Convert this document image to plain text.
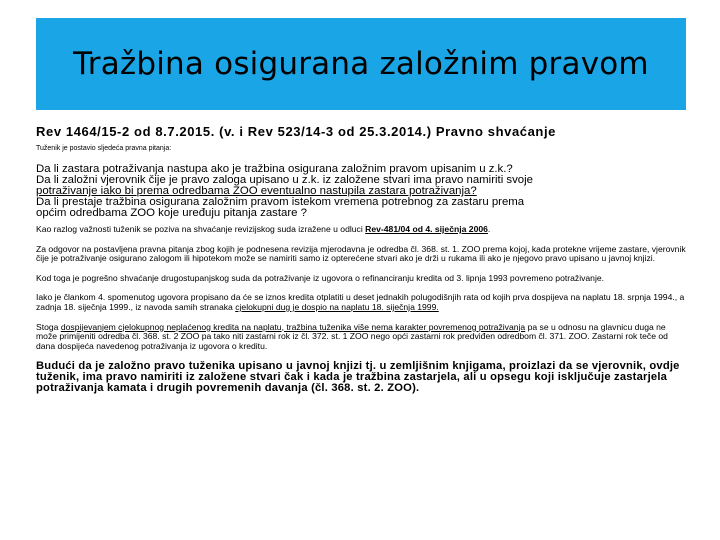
Tražbina osigurana založnim pravom
Rev 1464/15-2 od 8.7.2015. (v. i Rev 523/14-3 od 25.3.2014.) Pravno shvaćanje
Tuženik je postavio sljedeća pravna pitanja:
Da li zastara potraživanja nastupa ako je tražbina osigurana založnim pravom upisanim u z.k.?
Da li založni vjerovnik čije je pravo zaloga upisano u z.k. iz založene stvari ima pravo namiriti svoje
potraživanje iako bi prema odredbama ZOO eventualno nastupila zastara potraživanja?
Da li prestaje tražbina osigurana založnim pravom istekom vremena potrebnog za zastaru prema
općim odredbama ZOO koje uređuju pitanja zastare ?
Kao razlog važnosti tuženik se poziva na shvaćanje revizijskog suda izražene u odluci Rev-481/04 od 4. siječnja 2006.
Za odgovor na postavljena pravna pitanja zbog kojih je podnesena revizija mjerodavna je odredba čl. 368. st. 1. ZOO prema kojoj, kada protekne vrijeme zastare, vjerovnik čije je potraživanje osigurano zalogom ili hipotekom može se namiriti samo iz opterećene stvari ako je drži u rukama ili ako je njegovo pravo upisano u javnoj knjizi.
Kod toga je pogrešno shvaćanje drugostupanjskog suda da potraživanje iz ugovora o refinanciranju kredita od 3. lipnja 1993 povremeno potraživanje.
Iako je člankom 4. spomenutog ugovora propisano da će se iznos kredita otplatiti u deset jednakih polugodišnjih rata od kojih prva dospijeva na naplatu 18. srpnja 1994., a zadnja 18. siječnja 1999., iz navoda samih stranaka cjelokupni dug je dospio na naplatu 18. siječnja 1999.
Stoga dospijevanjem cjelokupnog neplaćenog kredita na naplatu, tražbina tuženika više nema karakter povremenog potraživanja pa se u odnosu na glavnicu duga ne može primijeniti odredba čl. 368. st. 2 ZOO pa tako niti zastarni rok iz čl. 372. st. 1 ZOO nego opći zastarni rok predviđen odredbom čl. 371. ZOO. Zastarni rok teče od dana dospijeća navedenog potraživanja iz ugovora o kreditu.
Budući da je založno pravo tuženika upisano u javnoj knjizi tj. u zemljišnim knjigama, proizlazi da se vjerovnik, ovdje tuženik, ima pravo namiriti iz založene stvari čak i kada je tražbina zastarjela, ali u opsegu koji isključuje zastarjela potraživanja kamata i drugih povremenih davanja (čl. 368. st. 2. ZOO).
